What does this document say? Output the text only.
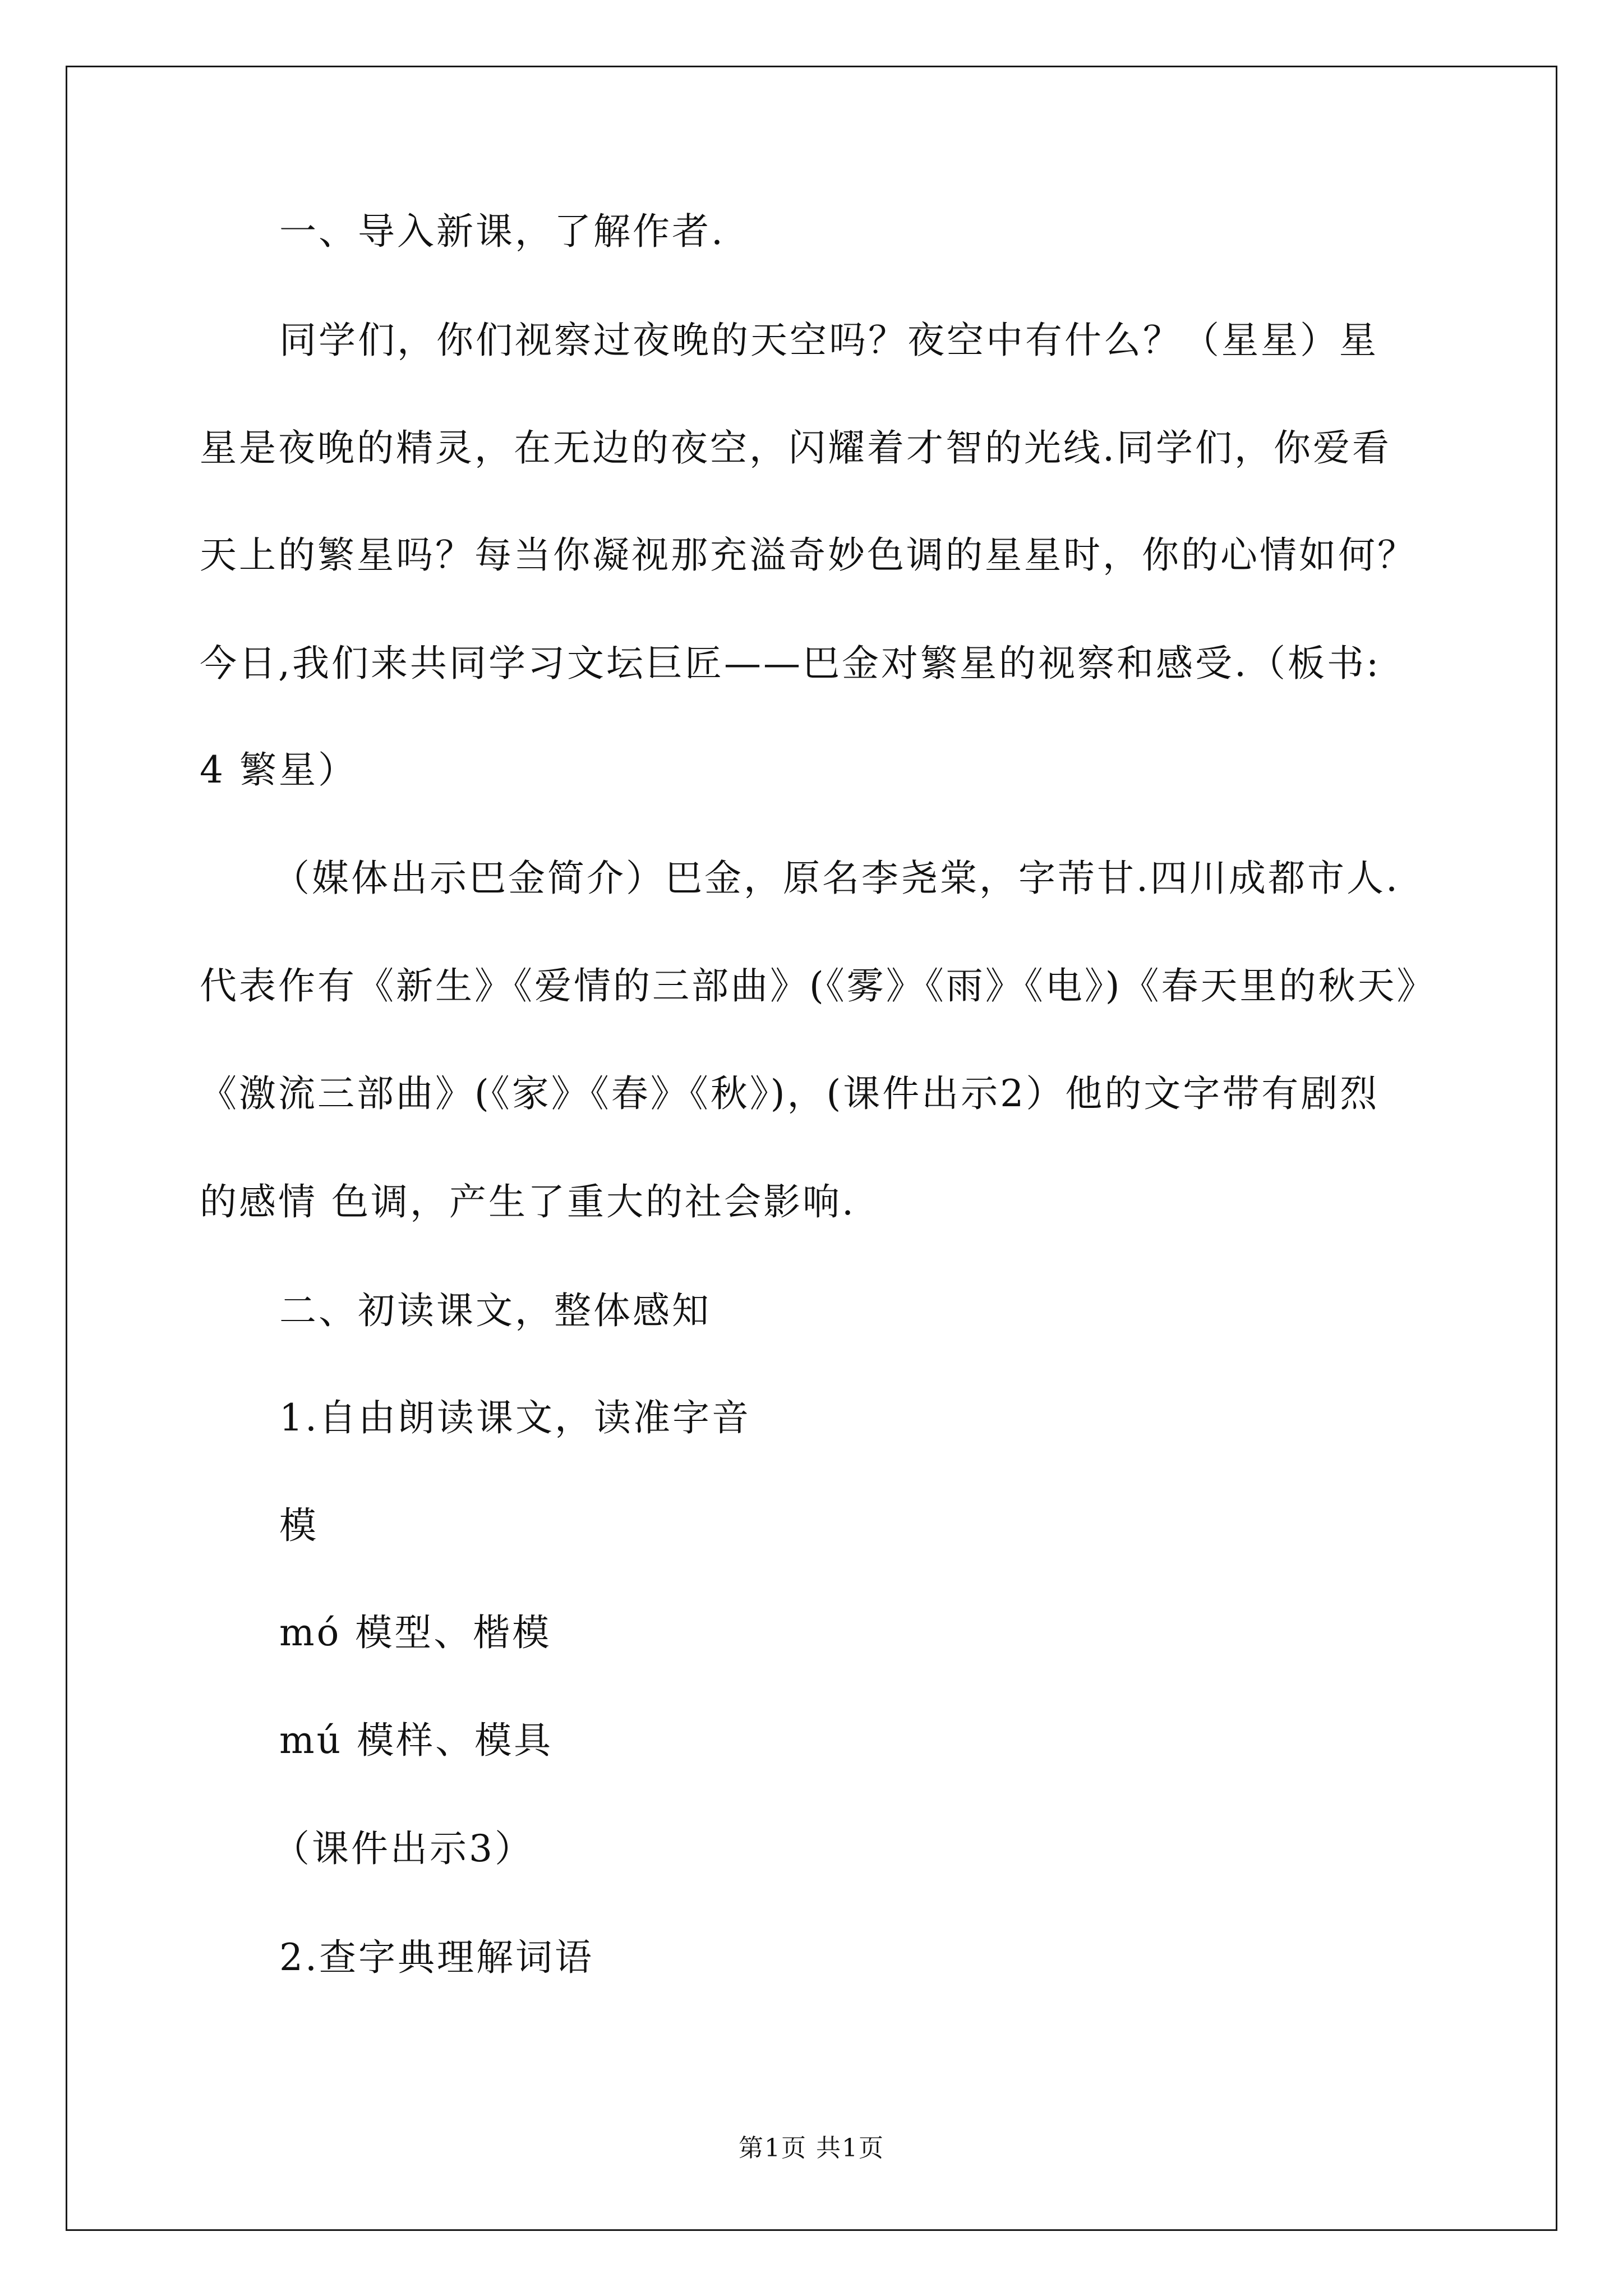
一、导入新课，了解作者.
同学们，你们视察过夜晚的天空吗？夜空中有什么？（星星）星
星是夜晚的精灵，在无边的夜空，闪耀着才智的光线.同学们，你爱看
天上的繁星吗？每当你凝视那充溢奇妙色调的星星时，你的心情如何？
今日,我们来共同学习文坛巨匠——巴金对繁星的视察和感受.（板书:
4 繁星）
（媒体出示巴金简介）巴金，原名李尧棠，字芾甘.四川成都市人.
代表作有《新生》《爱情的三部曲》(《雾》《雨》《电》)《春天里的秋天》
《激流三部曲》(《家》《春》《秋》)，(课件出示2）他的文字带有剧烈
的感情 色调，产生了重大的社会影响.
二、初读课文，整体感知
1.自由朗读课文，读准字音
模
mó 模型、楷模
mú 模样、模具
（课件出示3）
2.查字典理解词语
第1页 共1页
